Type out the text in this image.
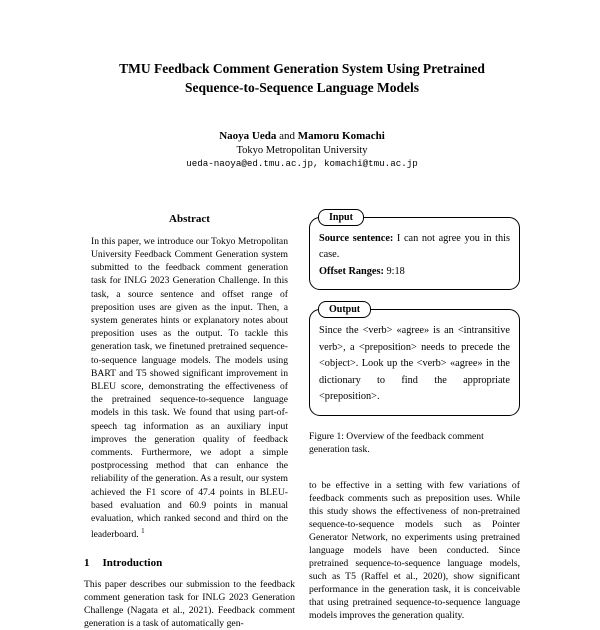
TMU Feedback Comment Generation System Using Pretrained Sequence-to-Sequence Language Models
Naoya Ueda and Mamoru Komachi
Tokyo Metropolitan University
ueda-naoya@ed.tmu.ac.jp, komachi@tmu.ac.jp
Abstract

In this paper, we introduce our Tokyo Metropolitan University Feedback Comment Generation system submitted to the feedback comment generation task for INLG 2023 Generation Challenge. In this task, a source sentence and offset range of preposition uses are given as the input. Then, a system generates hints or explanatory notes about preposition uses as the output. To tackle this generation task, we finetuned pretrained sequence-to-sequence language models. The models using BART and T5 showed significant improvement in BLEU score, demonstrating the effectiveness of the pretrained sequence-to-sequence language models in this task. We found that using part-of-speech tag information as an auxiliary input improves the generation quality of feedback comments. Furthermore, we adopt a simple postprocessing method that can enhance the reliability of the generation. As a result, our system achieved the F1 score of 47.4 points in BLEU-based evaluation and 60.9 points in manual evaluation, which ranked second and third on the leaderboard. $^1$

1 Introduction

This paper describes our submission to the feedback comment generation task for INLG 2023 Generation Challenge (Nagata et al., 2021). Feedback comment generation is a task of automatically gen-

Input

Source sentence: I can not agree you in this case.

Offset Ranges: 9:18

Output

Since the <verb> «agree» is an <intransitive verb>, a <preposition> needs to precede the <object>. Look up the <verb> «agree» in the dictionary to find the appropriate <preposition>.

Figure 1: Overview of the feedback comment generation task.

to be effective in a setting with few variations of feedback comments such as preposition uses. While this study shows the effectiveness of non-pretrained sequence-to-sequence models such as Pointer Generator Network, no experiments using pretrained language models have been conducted. Since pretrained sequence-to-sequence language models, such as T5 (Raffel et al., 2020), show significant performance in the generation task, it is conceivable that using pretrained sequence-to-sequence language models improves the generation quality.
